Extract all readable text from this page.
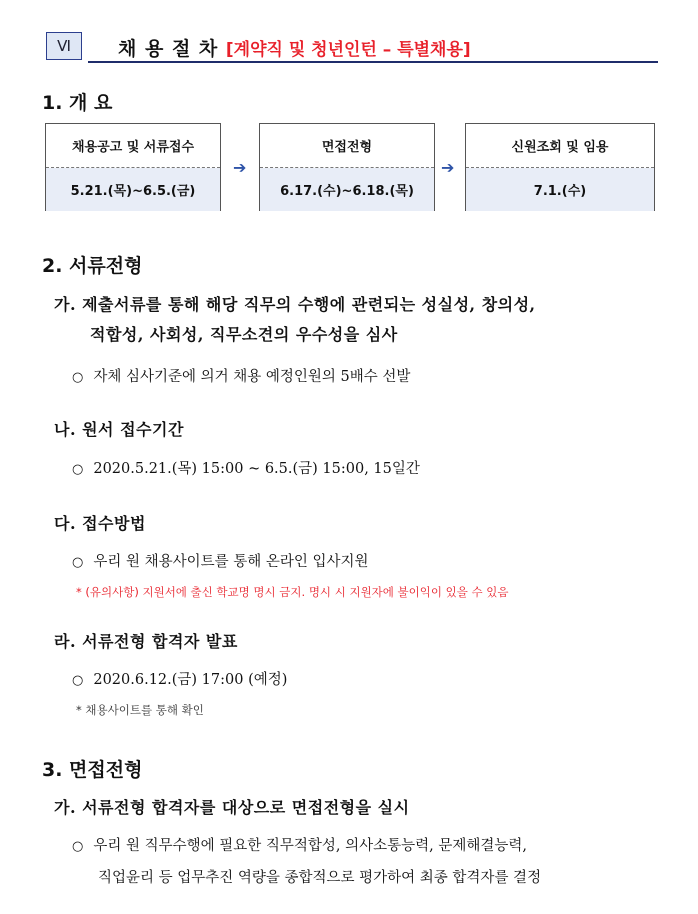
Ⅵ	채 용 절 차 [계약직 및 청년인턴 – 특별채용]
1. 개 요
채용공고 및 서류접수
5.21.(목)~6.5.(금)
➔
면접전형
6.17.(수)~6.18.(목)
➔
신원조회 및 임용
7.1.(수)
2. 서류전형
가. 제출서류를 통해 해당 직무의 수행에 관련되는 성실성, 창의성,
적합성, 사회성, 직무소견의 우수성을 심사
○ 자체 심사기준에 의거 채용 예정인원의 5배수 선발
나. 원서 접수기간
○ 2020.5.21.(목) 15:00 ~ 6.5.(금) 15:00, 15일간
다. 접수방법
○ 우리 원 채용사이트를 통해 온라인 입사지원
* (유의사항) 지원서에 출신 학교명 명시 금지. 명시 시 지원자에 불이익이 있을 수 있음
라. 서류전형 합격자 발표
○ 2020.6.12.(금) 17:00 (예정)
* 채용사이트를 통해 확인
3. 면접전형
가. 서류전형 합격자를 대상으로 면접전형을 실시
○ 우리 원 직무수행에 필요한 직무적합성, 의사소통능력, 문제해결능력,
직업윤리 등 업무추진 역량을 종합적으로 평가하여 최종 합격자를 결정
